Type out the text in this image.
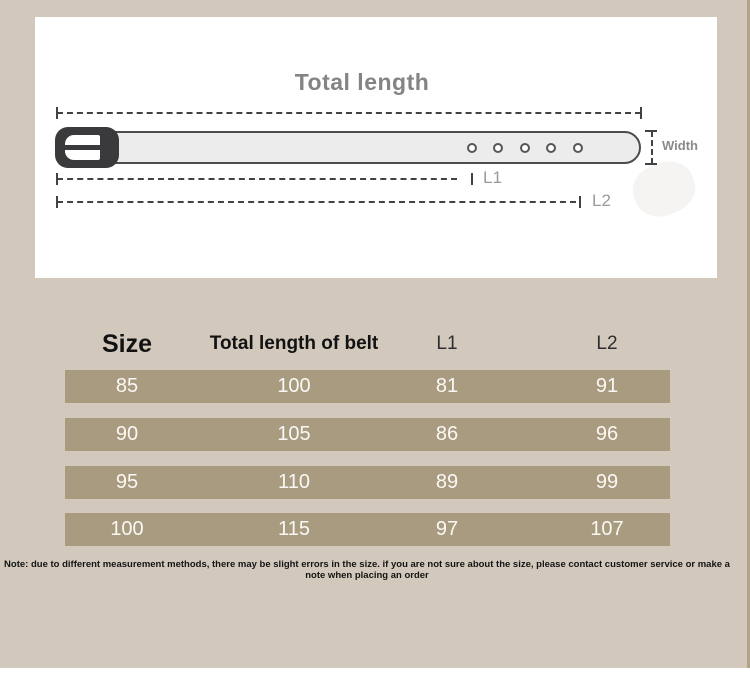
Total length
Width
L1
L2
Size	Total length of belt	L1	L2
85	100	81	91
90	105	86	96
95	110	89	99
100	115	97	107
Note: due to different measurement methods, there may be slight errors in the size. if you are not sure about the size, please contact customer service or make a note when placing an order
